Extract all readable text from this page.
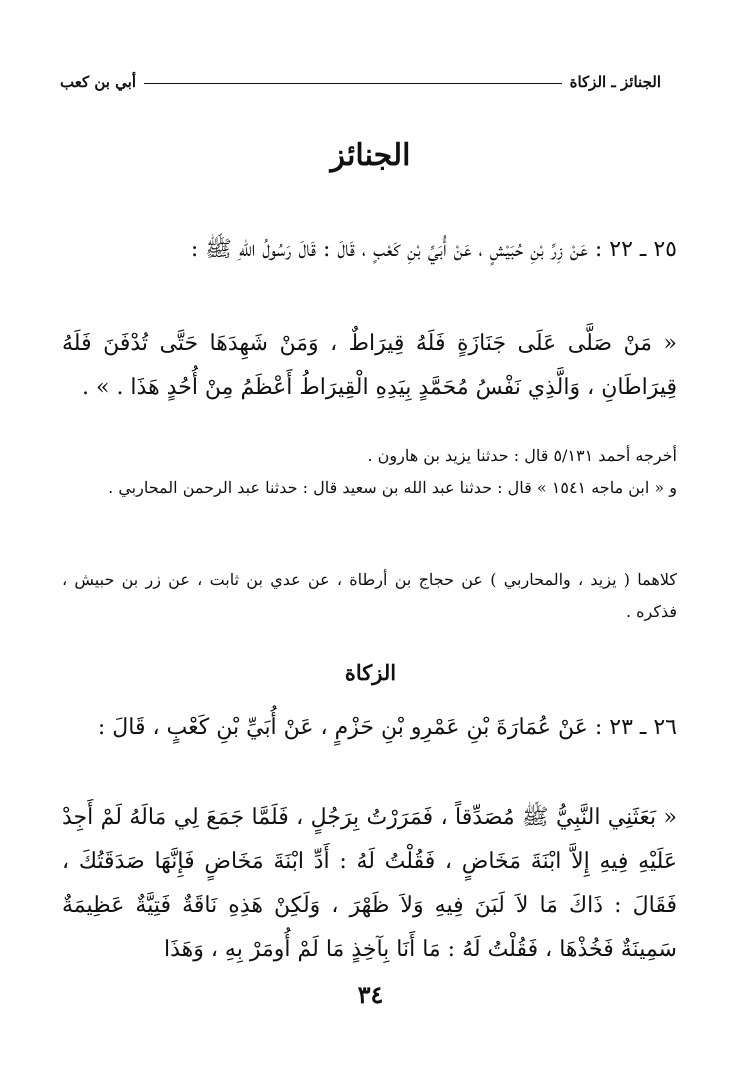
الجنائز ـ الزكاة
أبي بن كعب
الجنائز
٢٥ ـ ٢٢ : عَنْ زِرِّ بْنِ حُبَيْشٍ ، عَنْ أُبَيِّ بْنِ كَعْبٍ ، قَالَ : قَالَ رَسُولُ اللّٰهِ ﷺ :
« مَنْ صَلَّى عَلَى جَنَازَةٍ فَلَهُ قِيرَاطٌ ، وَمَنْ شَهِدَهَا حَتَّى تُدْفَنَ فَلَهُ قِيرَاطَانِ ، وَالَّذِي نَفْسُ مُحَمَّدٍ بِيَدِهِ الْقِيرَاطُ أَعْظَمُ مِنْ أُحُدٍ هَذَا . » .
أخرجه أحمد ٥/١٣١ قال : حدثنا يزيد بن هارون .
و « ابن ماجه ١٥٤١ » قال : حدثنا عبد الله بن سعيد قال : حدثنا عبد الرحمن المحاربي .
كلاهما ( يزيد ، والمحاربي ) عن حجاج بن أرطاة ، عن عدي بن ثابت ، عن زر بن حبيش ، فذكره .
الزكاة
٢٦ ـ ٢٣ : عَنْ عُمَارَةَ بْنِ عَمْرِو بْنِ حَزْمٍ ، عَنْ أُبَيِّ بْنِ كَعْبٍ ، قَالَ :
« بَعَثَنِي النَّبِيُّ ﷺ مُصَدِّقاً ، فَمَرَرْتُ بِرَجُلٍ ، فَلَمَّا جَمَعَ لِي مَالَهُ لَمْ أَجِدْ عَلَيْهِ فِيهِ إِلاَّ ابْنَةَ مَخَاضٍ ، فَقُلْتُ لَهُ : أَدِّ ابْنَةَ مَخَاضٍ فَإِنَّهَا صَدَقَتُكَ ، فَقَالَ : ذَاكَ مَا لاَ لَبَنَ فِيهِ وَلاَ ظَهْرَ ، وَلَكِنْ هَذِهِ نَاقَةٌ فَتِيَّةٌ عَظِيمَةٌ سَمِينَةٌ فَخُذْهَا ، فَقُلْتُ لَهُ : مَا أَنَا بِآخِذٍ مَا لَمْ أُومَرْ بِهِ ، وَهَذَا
٣٤
